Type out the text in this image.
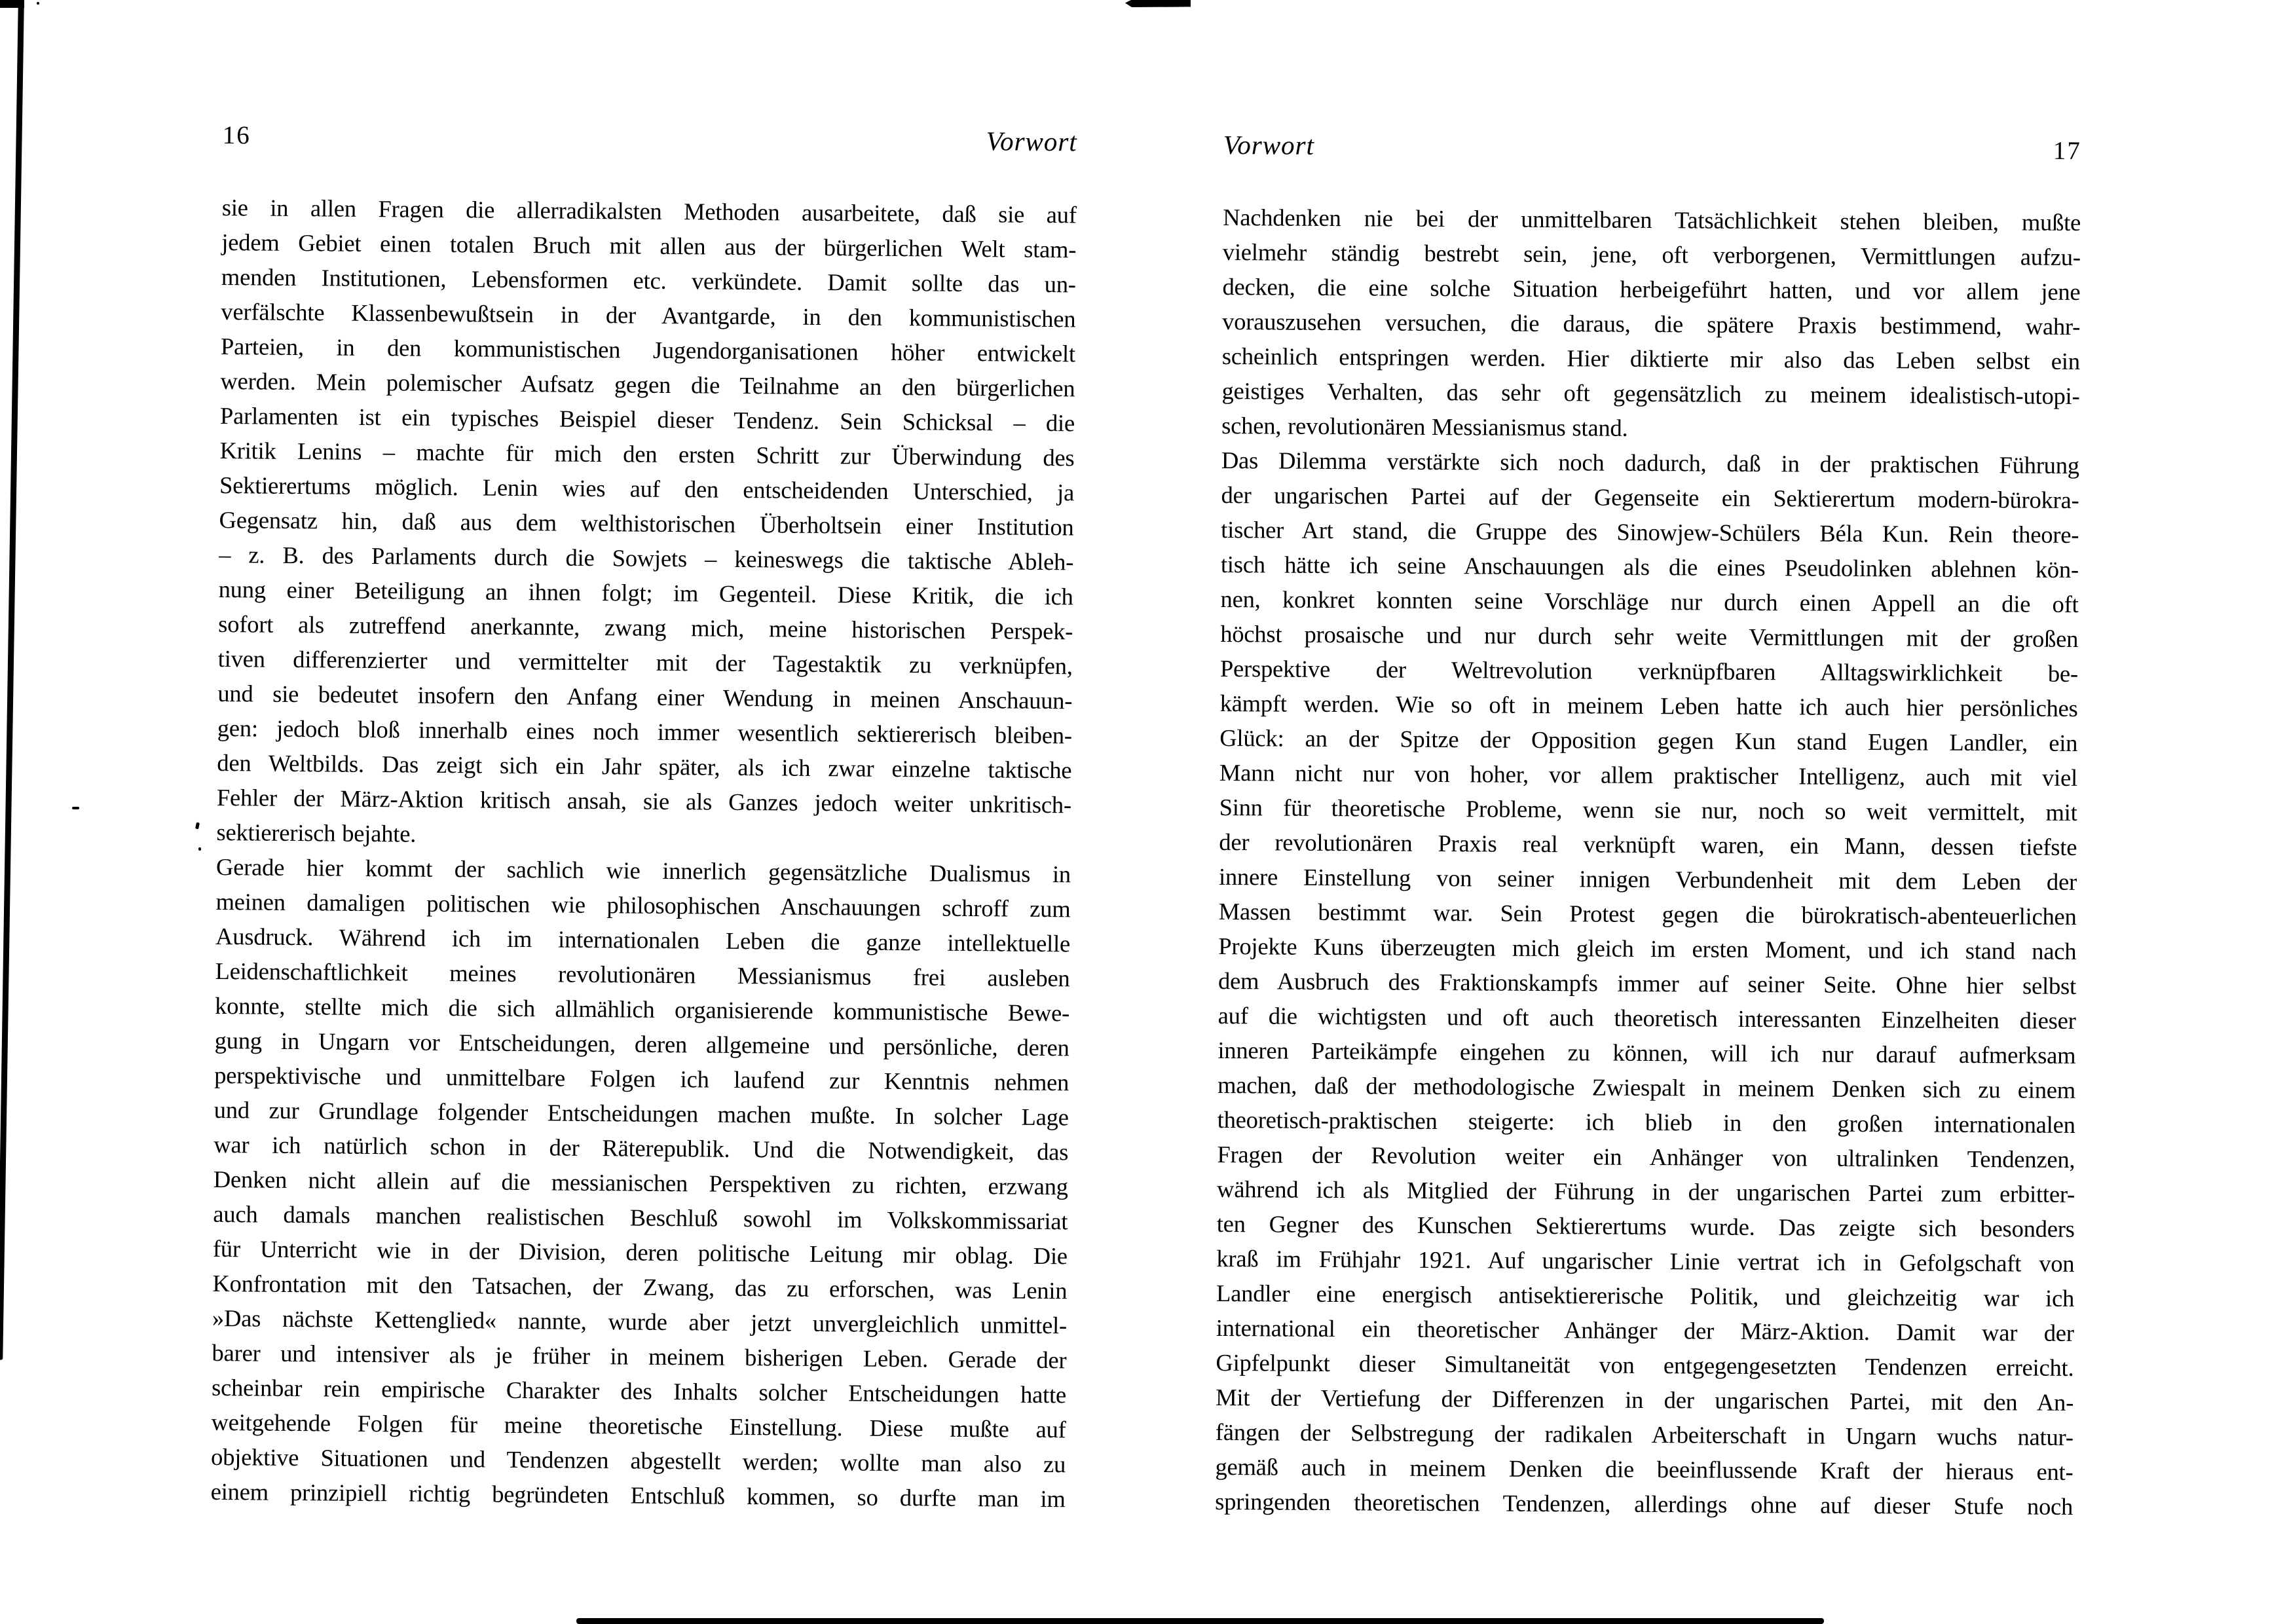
16	Vorwort
sie in allen Fragen die allerradikalsten Methoden ausarbeitete, daß sie auf
jedem Gebiet einen totalen Bruch mit allen aus der bürgerlichen Welt stam-
menden Institutionen, Lebensformen etc. verkündete. Damit sollte das un-
verfälschte Klassenbewußtsein in der Avantgarde, in den kommunistischen
Parteien, in den kommunistischen Jugendorganisationen höher entwickelt
werden. Mein polemischer Aufsatz gegen die Teilnahme an den bürgerlichen
Parlamenten ist ein typisches Beispiel dieser Tendenz. Sein Schicksal – die
Kritik Lenins – machte für mich den ersten Schritt zur Überwindung des
Sektierertums möglich. Lenin wies auf den entscheidenden Unterschied, ja
Gegensatz hin, daß aus dem welthistorischen Überholtsein einer Institution
– z. B. des Parlaments durch die Sowjets – keineswegs die taktische Ableh-
nung einer Beteiligung an ihnen folgt; im Gegenteil. Diese Kritik, die ich
sofort als zutreffend anerkannte, zwang mich, meine historischen Perspek-
tiven differenzierter und vermittelter mit der Tagestaktik zu verknüpfen,
und sie bedeutet insofern den Anfang einer Wendung in meinen Anschauun-
gen: jedoch bloß innerhalb eines noch immer wesentlich sektiererisch bleiben-
den Weltbilds. Das zeigt sich ein Jahr später, als ich zwar einzelne taktische
Fehler der März-Aktion kritisch ansah, sie als Ganzes jedoch weiter unkritisch-
sektiererisch bejahte.
Gerade hier kommt der sachlich wie innerlich gegensätzliche Dualismus in
meinen damaligen politischen wie philosophischen Anschauungen schroff zum
Ausdruck. Während ich im internationalen Leben die ganze intellektuelle
Leidenschaftlichkeit meines revolutionären Messianismus frei ausleben
konnte, stellte mich die sich allmählich organisierende kommunistische Bewe-
gung in Ungarn vor Entscheidungen, deren allgemeine und persönliche, deren
perspektivische und unmittelbare Folgen ich laufend zur Kenntnis nehmen
und zur Grundlage folgender Entscheidungen machen mußte. In solcher Lage
war ich natürlich schon in der Räterepublik. Und die Notwendigkeit, das
Denken nicht allein auf die messianischen Perspektiven zu richten, erzwang
auch damals manchen realistischen Beschluß sowohl im Volkskommissariat
für Unterricht wie in der Division, deren politische Leitung mir oblag. Die
Konfrontation mit den Tatsachen, der Zwang, das zu erforschen, was Lenin
»Das nächste Kettenglied« nannte, wurde aber jetzt unvergleichlich unmittel-
barer und intensiver als je früher in meinem bisherigen Leben. Gerade der
scheinbar rein empirische Charakter des Inhalts solcher Entscheidungen hatte
weitgehende Folgen für meine theoretische Einstellung. Diese mußte auf
objektive Situationen und Tendenzen abgestellt werden; wollte man also zu
einem prinzipiell richtig begründeten Entschluß kommen, so durfte man im
Vorwort	17
Nachdenken nie bei der unmittelbaren Tatsächlichkeit stehen bleiben, mußte
vielmehr ständig bestrebt sein, jene, oft verborgenen, Vermittlungen aufzu-
decken, die eine solche Situation herbeigeführt hatten, und vor allem jene
vorauszusehen versuchen, die daraus, die spätere Praxis bestimmend, wahr-
scheinlich entspringen werden. Hier diktierte mir also das Leben selbst ein
geistiges Verhalten, das sehr oft gegensätzlich zu meinem idealistisch-utopi-
schen, revolutionären Messianismus stand.
Das Dilemma verstärkte sich noch dadurch, daß in der praktischen Führung
der ungarischen Partei auf der Gegenseite ein Sektierertum modern-bürokra-
tischer Art stand, die Gruppe des Sinowjew-Schülers Béla Kun. Rein theore-
tisch hätte ich seine Anschauungen als die eines Pseudolinken ablehnen kön-
nen, konkret konnten seine Vorschläge nur durch einen Appell an die oft
höchst prosaische und nur durch sehr weite Vermittlungen mit der großen
Perspektive der Weltrevolution verknüpfbaren Alltagswirklichkeit be-
kämpft werden. Wie so oft in meinem Leben hatte ich auch hier persönliches
Glück: an der Spitze der Opposition gegen Kun stand Eugen Landler, ein
Mann nicht nur von hoher, vor allem praktischer Intelligenz, auch mit viel
Sinn für theoretische Probleme, wenn sie nur, noch so weit vermittelt, mit
der revolutionären Praxis real verknüpft waren, ein Mann, dessen tiefste
innere Einstellung von seiner innigen Verbundenheit mit dem Leben der
Massen bestimmt war. Sein Protest gegen die bürokratisch-abenteuerlichen
Projekte Kuns überzeugten mich gleich im ersten Moment, und ich stand nach
dem Ausbruch des Fraktionskampfs immer auf seiner Seite. Ohne hier selbst
auf die wichtigsten und oft auch theoretisch interessanten Einzelheiten dieser
inneren Parteikämpfe eingehen zu können, will ich nur darauf aufmerksam
machen, daß der methodologische Zwiespalt in meinem Denken sich zu einem
theoretisch-praktischen steigerte: ich blieb in den großen internationalen
Fragen der Revolution weiter ein Anhänger von ultralinken Tendenzen,
während ich als Mitglied der Führung in der ungarischen Partei zum erbitter-
ten Gegner des Kunschen Sektierertums wurde. Das zeigte sich besonders
kraß im Frühjahr 1921. Auf ungarischer Linie vertrat ich in Gefolgschaft von
Landler eine energisch antisektiererische Politik, und gleichzeitig war ich
international ein theoretischer Anhänger der März-Aktion. Damit war der
Gipfelpunkt dieser Simultaneität von entgegengesetzten Tendenzen erreicht.
Mit der Vertiefung der Differenzen in der ungarischen Partei, mit den An-
fängen der Selbstregung der radikalen Arbeiterschaft in Ungarn wuchs natur-
gemäß auch in meinem Denken die beeinflussende Kraft der hieraus ent-
springenden theoretischen Tendenzen, allerdings ohne auf dieser Stufe noch
